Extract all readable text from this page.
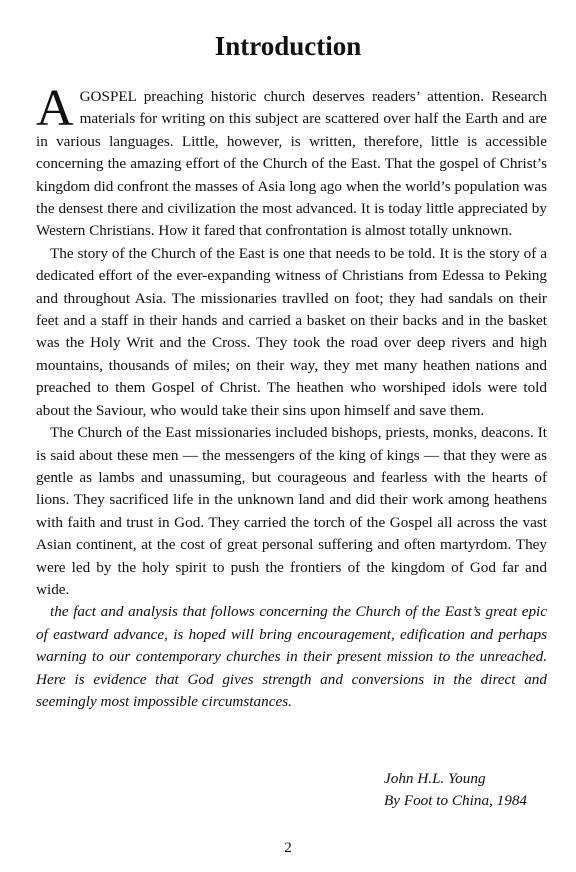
Introduction

AGOSPEL preaching historic church deserves readers’ attention. Research materials for writing on this subject are scattered over half the Earth and are in various languages. Little, however, is written, therefore, little is accessible concerning the amazing effort of the Church of the East. That the gospel of Christ’s kingdom did confront the masses of Asia long ago when the world’s population was the densest there and civilization the most advanced. It is today little appreciated by Western Christians. How it fared that confrontation is almost totally unknown.

The story of the Church of the East is one that needs to be told. It is the story of a dedicated effort of the ever-expanding witness of Christians from Edessa to Peking and throughout Asia. The missionaries travlled on foot; they had sandals on their feet and a staff in their hands and carried a basket on their backs and in the basket was the Holy Writ and the Cross. They took the road over deep rivers and high mountains, thousands of miles; on their way, they met many heathen nations and preached to them Gospel of Christ. The heathen who worshiped idols were told about the Saviour, who would take their sins upon himself and save them.

The Church of the East missionaries included bishops, priests, monks, deacons. It is said about these men — the messengers of the king of kings — that they were as gentle as lambs and unassuming, but courageous and fearless with the hearts of lions. They sacrificed life in the unknown land and did their work among heathens with faith and trust in God. They carried the torch of the Gospel all across the vast Asian continent, at the cost of great personal suffering and often martyrdom. They were led by the holy spirit to push the frontiers of the kingdom of God far and wide.

the fact and analysis that follows concerning the Church of the East’s great epic of eastward advance, is hoped will bring encouragement, edification and perhaps warning to our contemporary churches in their present mission to the unreached. Here is evidence that God gives strength and conversions in the direct and seemingly most impossible circumstances.

John H.L. Young
By Foot to China, 1984
2
